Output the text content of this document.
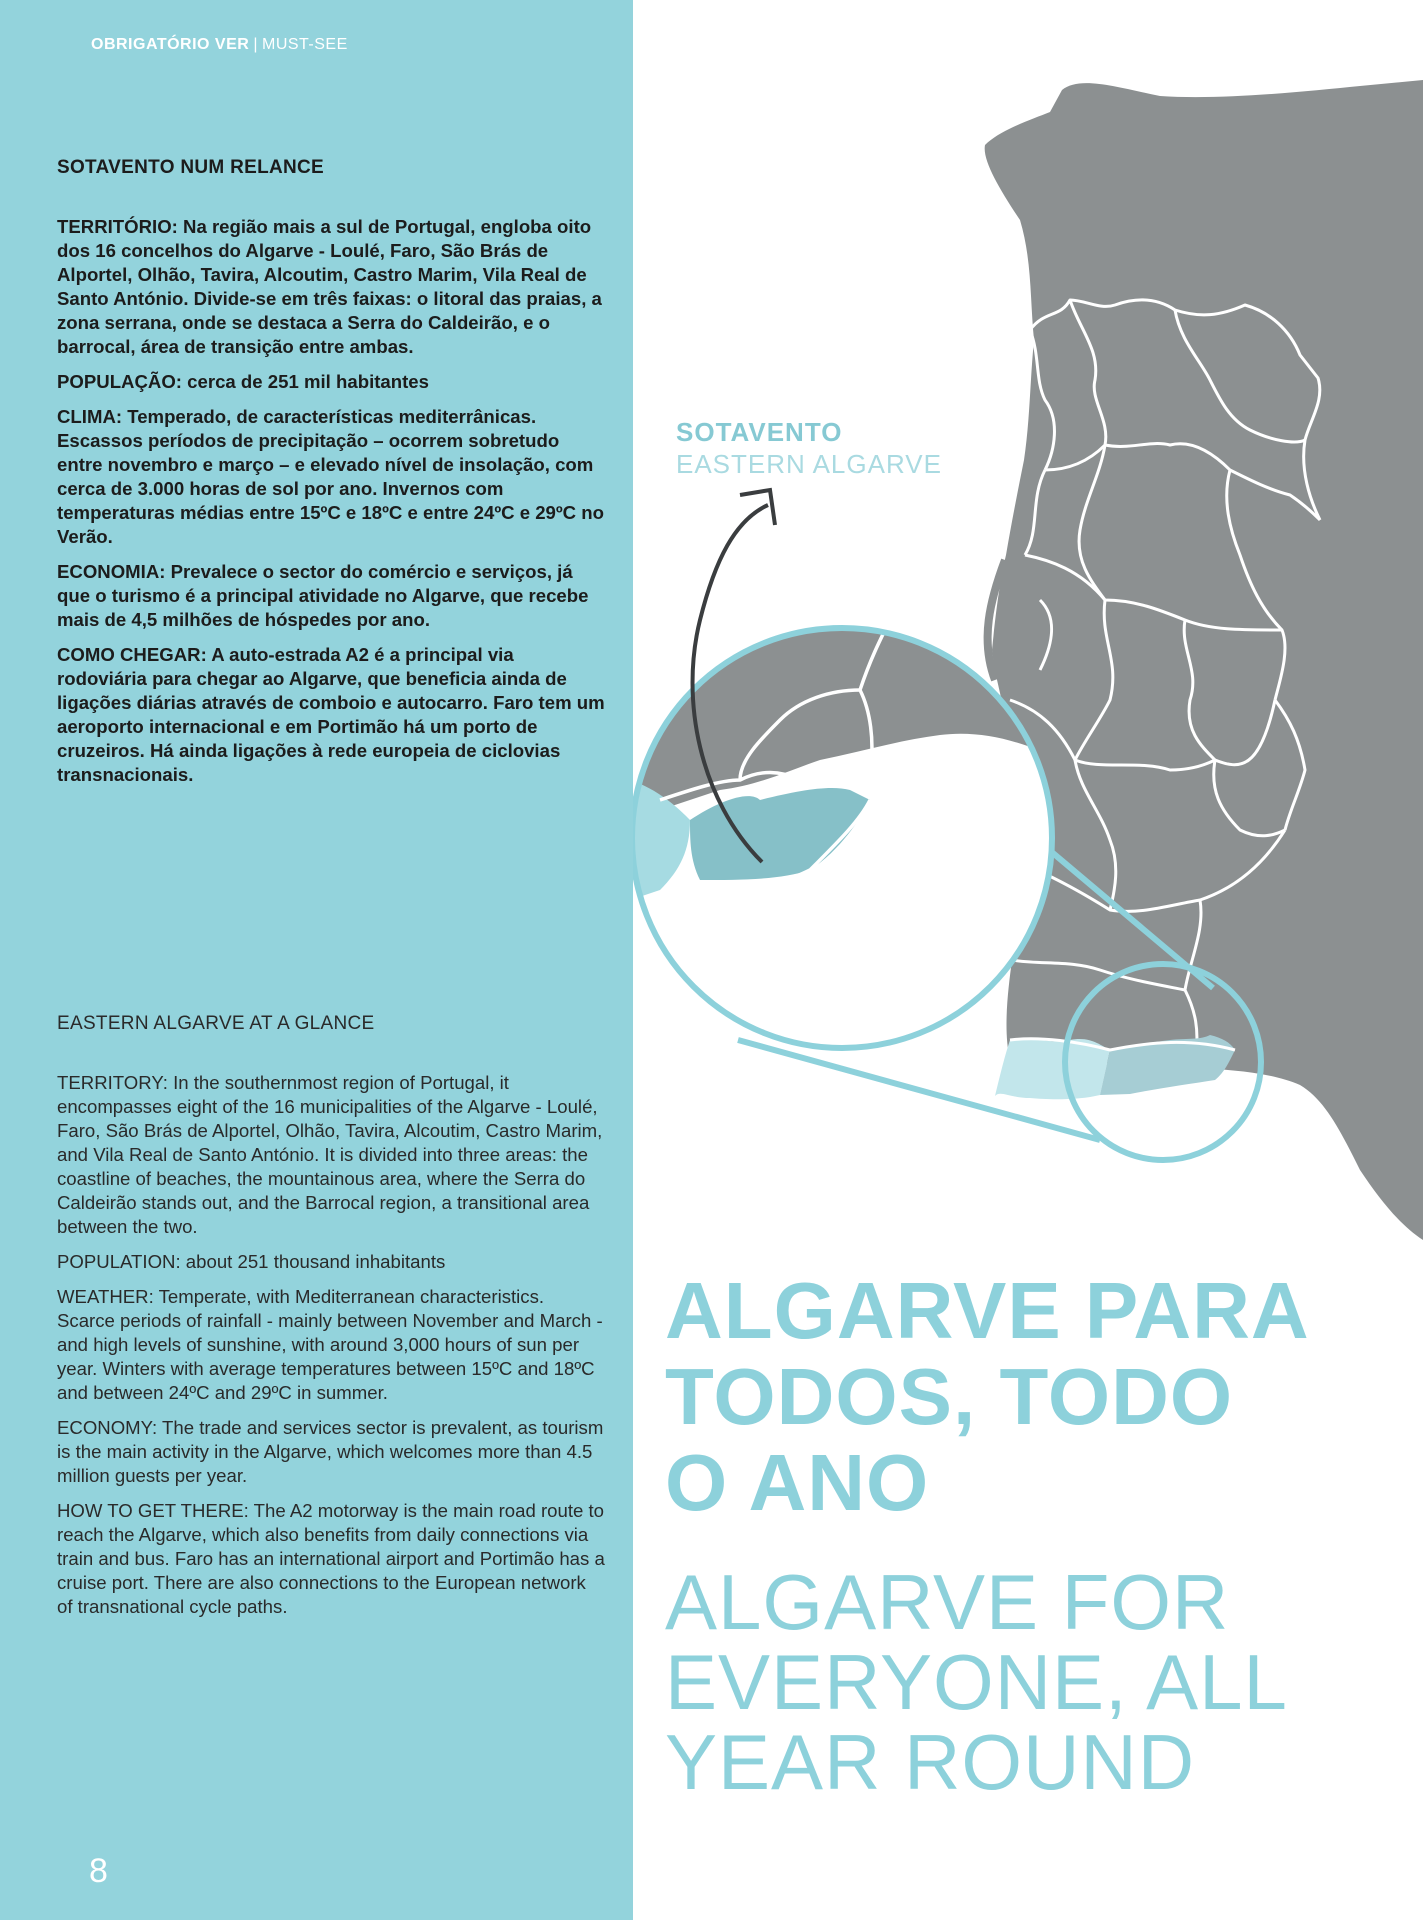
OBRIGATÓRIO VER | MUST-SEE
SOTAVENTO NUM RELANCE

TERRITÓRIO: Na região mais a sul de Portugal, engloba oito dos 16 concelhos do Algarve - Loulé, Faro, São Brás de Alportel, Olhão, Tavira, Alcoutim, Castro Marim, Vila Real de Santo António. Divide-se em três faixas: o litoral das praias, a zona serrana, onde se destaca a Serra do Caldeirão, e o barrocal, área de transição entre ambas.

POPULAÇÃO: cerca de 251 mil habitantes

CLIMA: Temperado, de características mediterrânicas. Escassos períodos de precipitação – ocorrem sobretudo entre novembro e março – e elevado nível de insolação, com cerca de 3.000 horas de sol por ano. Invernos com temperaturas médias entre 15ºC e 18ºC e entre 24ºC e 29ºC no Verão.

ECONOMIA: Prevalece o sector do comércio e serviços, já que o turismo é a principal atividade no Algarve, que recebe mais de 4,5 milhões de hóspedes por ano.

COMO CHEGAR: A auto-estrada A2 é a principal via rodoviária para chegar ao Algarve, que beneficia ainda de ligações diárias através de comboio e autocarro. Faro tem um aeroporto internacional e em Portimão há um porto de cruzeiros. Há ainda ligações à rede europeia de ciclovias transnacionais.

EASTERN ALGARVE AT A GLANCE

TERRITORY: In the southernmost region of Portugal, it encompasses eight of the 16 municipalities of the Algarve - Loulé, Faro, São Brás de Alportel, Olhão, Tavira, Alcoutim, Castro Marim, and Vila Real de Santo António. It is divided into three areas: the coastline of beaches, the mountainous area, where the Serra do Caldeirão stands out, and the Barrocal region, a transitional area between the two.

POPULATION: about 251 thousand inhabitants

WEATHER: Temperate, with Mediterranean characteristics. Scarce periods of rainfall - mainly between November and March - and high levels of sunshine, with around 3,000 hours of sun per year. Winters with average temperatures between 15ºC and 18ºC and between 24ºC and 29ºC in summer.

ECONOMY: The trade and services sector is prevalent, as tourism is the main activity in the Algarve, which welcomes more than 4.5 million guests per year.

HOW TO GET THERE: The A2 motorway is the main road route to reach the Algarve, which also benefits from daily connections via train and bus. Faro has an international airport and Portimão has a cruise port. There are also connections to the European network of transnational cycle paths.

8
SOTAVENTO
EASTERN ALGARVE
ALGARVE PARA
TODOS, TODO
O ANO
ALGARVE FOR
EVERYONE, ALL
YEAR ROUND
